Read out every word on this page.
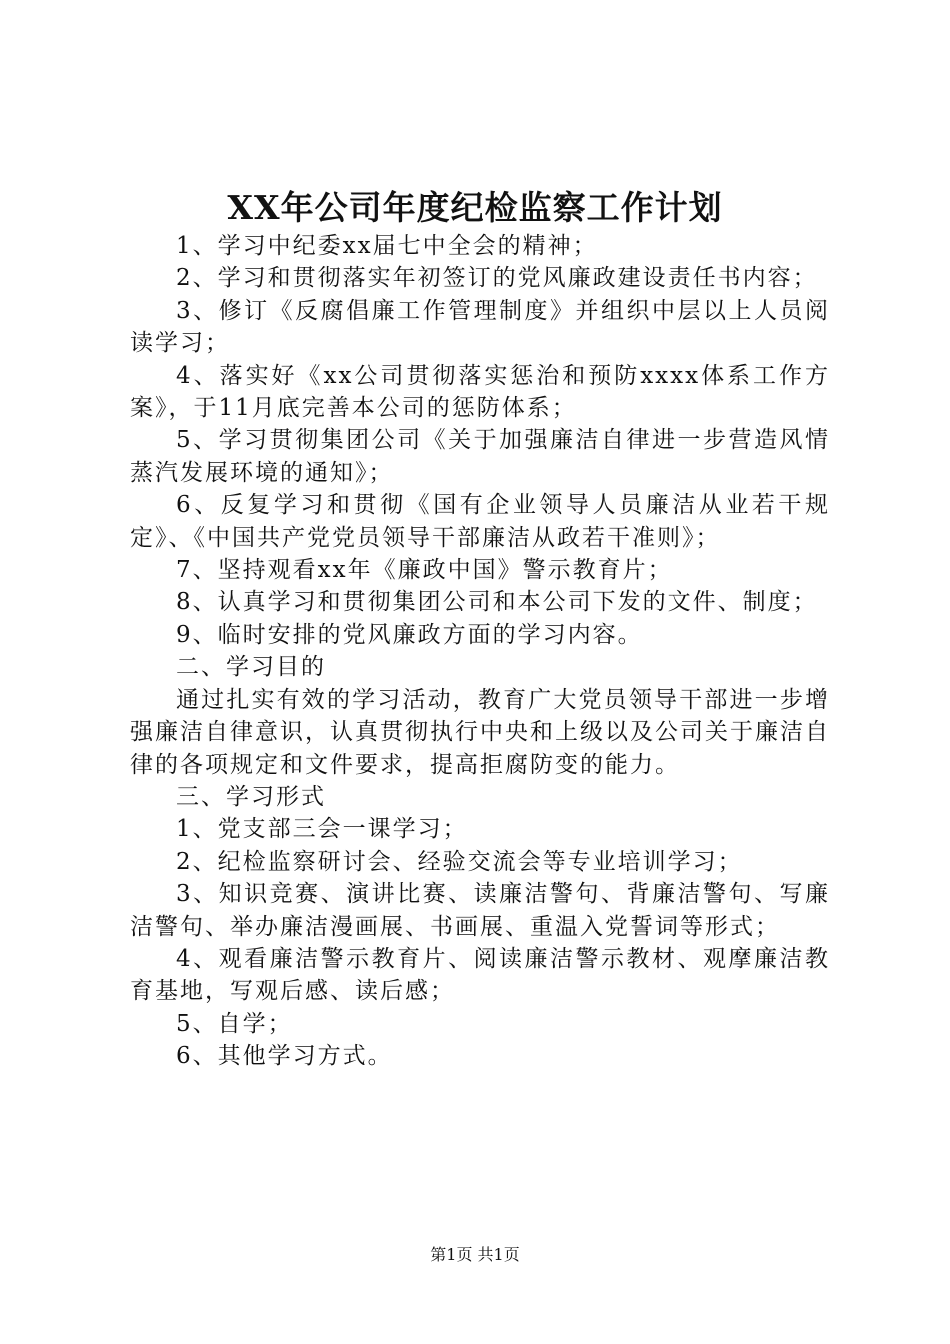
XX年公司年度纪检监察工作计划

1、学习中纪委xx届七中全会的精神；

2、学习和贯彻落实年初签订的党风廉政建设责任书内容；

3、修订《反腐倡廉工作管理制度》并组织中层以上人员阅读学习；

4、落实好《xx公司贯彻落实惩治和预防xxxx体系工作方案》，于11月底完善本公司的惩防体系；

5、学习贯彻集团公司《关于加强廉洁自律进一步营造风情蒸汽发展环境的通知》；

6、反复学习和贯彻《国有企业领导人员廉洁从业若干规定》、《中国共产党党员领导干部廉洁从政若干准则》；

7、坚持观看xx年《廉政中国》警示教育片；

8、认真学习和贯彻集团公司和本公司下发的文件、制度；

9、临时安排的党风廉政方面的学习内容。

二、学习目的

通过扎实有效的学习活动，教育广大党员领导干部进一步增强廉洁自律意识，认真贯彻执行中央和上级以及公司关于廉洁自律的各项规定和文件要求，提高拒腐防变的能力。

三、学习形式

1、党支部三会一课学习；

2、纪检监察研讨会、经验交流会等专业培训学习；

3、知识竞赛、演讲比赛、读廉洁警句、背廉洁警句、写廉洁警句、举办廉洁漫画展、书画展、重温入党誓词等形式；

4、观看廉洁警示教育片、阅读廉洁警示教材、观摩廉洁教育基地，写观后感、读后感；

5、自学；

6、其他学习方式。

第1页 共1页
